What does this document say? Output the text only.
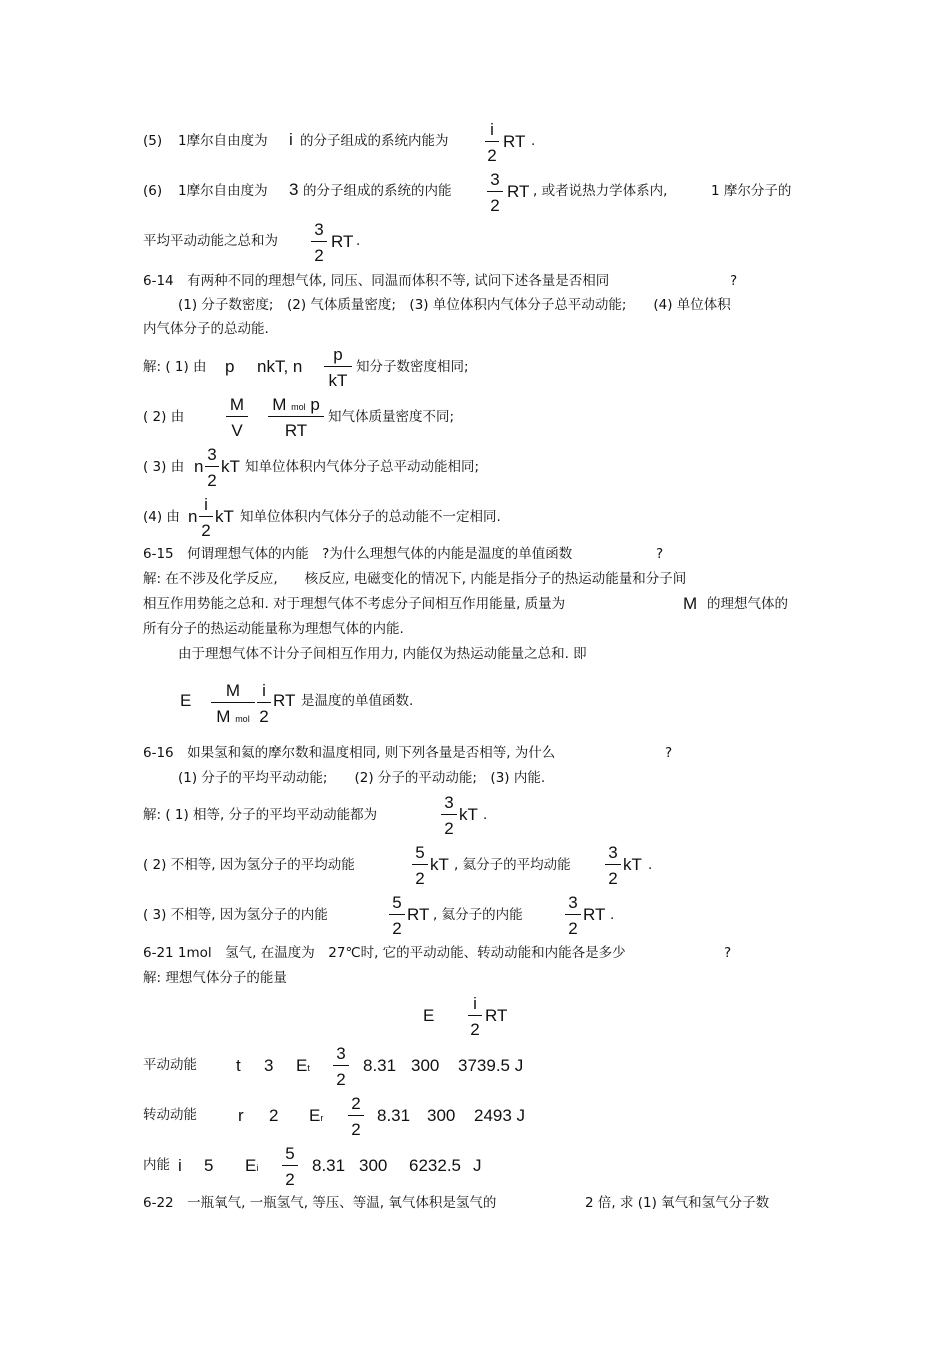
(5) 1摩尔自由度为 i 的分子组成的系统内能为
i
2
RT .
(6) 1摩尔自由度为 3 的分子组成的系统的内能
3
2
RT , 或者说热力学体系内,	1 摩尔分子的
平均平动动能之总和为
3
2
RT .
6-14　有两种不同的理想气体, 同压、同温而体积不等, 试问下述各量是否相同	?
(1) 分子数密度;　(2) 气体质量密度;　(3) 单位体积内气体分子总平动动能;　　(4) 单位体积
内气体分子的总动能.
解: ( 1) 由 p nkT, n
p
kT
知分子数密度相同;
( 2) 由
M
V
M mol p
RT
知气体质量密度不同;
( 3) 由 n
3
2
kT 知单位体积内气体分子总平动动能相同;
(4) 由 n
i
2
kT 知单位体积内气体分子的总动能不一定相同.
6-15　何谓理想气体的内能　?为什么理想气体的内能是温度的单值函数	?
解: 在不涉及化学反应,　　核反应, 电磁变化的情况下, 内能是指分子的热运动能量和分子间
相互作用势能之总和. 对于理想气体不考虑分子间相互作用能量, 质量为	M 的理想气体的
所有分子的热运动能量称为理想气体的内能.
由于理想气体不计分子间相互作用力, 内能仅为热运动能量之总和. 即
E
M
M mol
i
2
RT 是温度的单值函数.
6-16　如果氢和氦的摩尔数和温度相同, 则下列各量是否相等, 为什么	?
(1) 分子的平均平动动能;　　(2) 分子的平动动能;　(3) 内能.
解: ( 1) 相等, 分子的平均平动动能都为
3
2
kT .
( 2) 不相等, 因为氢分子的平均动能
5
2
kT , 氦分子的平均动能
3
2
kT .
( 3) 不相等, 因为氢分子的内能
5
2
RT , 氦分子的内能
3
2
RT .
6-21 1mol　氢气, 在温度为　27℃时, 它的平动动能、转动动能和内能各是多少	?
解: 理想气体分子的能量
E
i
2
RT
平动动能 t 3 Et
3
2
8.31 300 3739.5 J
转动动能 r 2 Er
2
2
8.31 300 2493 J
内能 i 5 Ei
5
2
8.31 300 6232.5 J
6-22　一瓶氧气, 一瓶氢气, 等压、等温, 氧气体积是氢气的	2 倍, 求 (1) 氧气和氢气分子数
